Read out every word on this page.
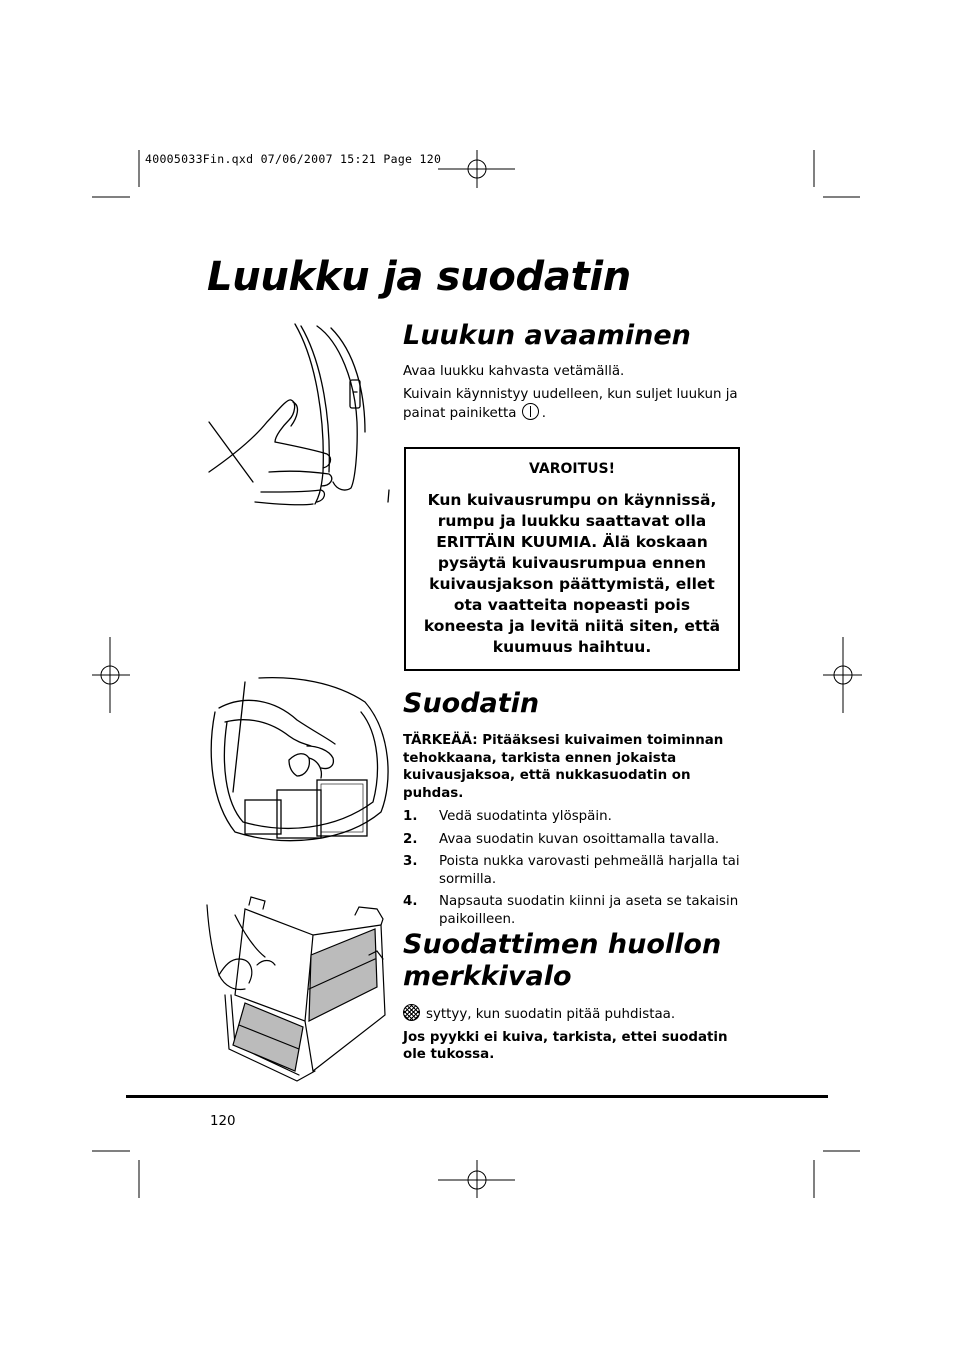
40005033Fin.qxd 07/06/2007 15:21 Page 120
Luukku ja suodatin
Luukun avaaminen
Avaa luukku kahvasta vetämällä.
Kuivain käynnistyy uudelleen, kun suljet luukun ja painat painiketta .
VAROITUS!
Kun kuivausrumpu on käynnissä, rumpu ja luukku saattavat olla ERITTÄIN KUUMIA. Älä koskaan pysäytä kuivausrumpua ennen kuivausjakson päättymistä, ellet ota vaatteita nopeasti pois koneesta ja levitä niitä siten, että kuumuus haihtuu.
Suodatin
TÄRKEÄÄ: Pitääksesi kuivaimen toiminnan tehokkaana, tarkista ennen jokaista kuivausjaksoa, että nukkasuodatin on puhdas.
1.	Vedä suodatinta ylöspäin.
2.	Avaa suodatin kuvan osoittamalla tavalla.
3.	Poista nukka varovasti pehmeällä harjalla tai sormilla.
4.	Napsauta suodatin kiinni ja aseta se takaisin paikoilleen.
Suodattimen huollon merkkivalo
syttyy, kun suodatin pitää puhdistaa.
Jos pyykki ei kuiva, tarkista, ettei suodatin ole tukossa.
120
